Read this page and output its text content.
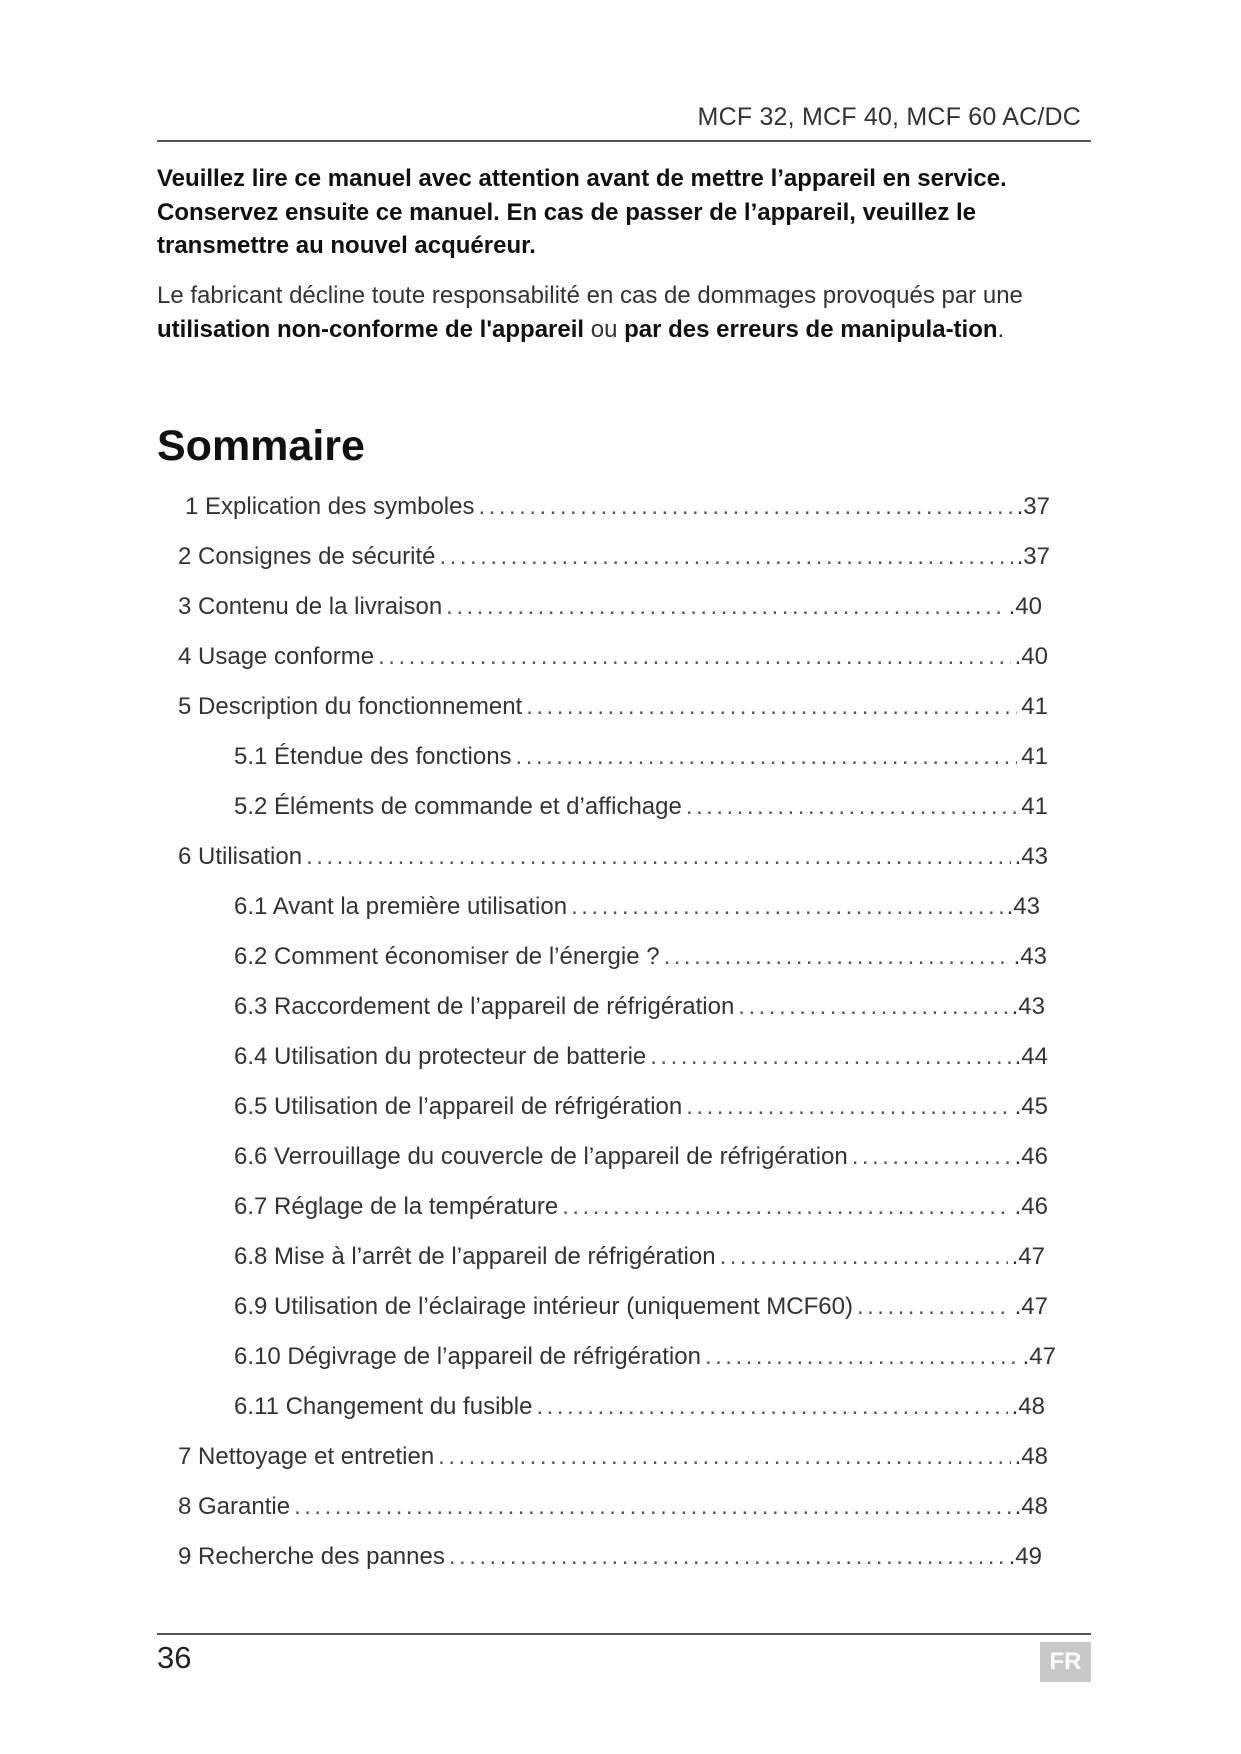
MCF 32, MCF 40, MCF 60 AC/DC
Veuillez lire ce manuel avec attention avant de mettre l’appareil en service. Conservez ensuite ce manuel. En cas de passer de l’appareil, veuillez le transmettre au nouvel acquéreur.
Le fabricant décline toute responsabilité en cas de dommages provoqués par une utilisation non-conforme de l'appareil ou par des erreurs de manipula-tion.
Sommaire
1 Explication des symboles .....	.37
2 Consignes de sécurité .....	.37
3 Contenu de la livraison .....	.40
4 Usage conforme .....	.40
5 Description du fonctionnement .....	41
5.1 Étendue des fonctions .....	41
5.2 Éléments de commande et d’affichage .....	41
6 Utilisation .....	.43
6.1 Avant la première utilisation .....	.43
6.2 Comment économiser de l’énergie ? .....	.43
6.3 Raccordement de l’appareil de réfrigération .....	.43
6.4 Utilisation du protecteur de batterie .....	.44
6.5 Utilisation de l’appareil de réfrigération .....	.45
6.6 Verrouillage du couvercle de l’appareil de réfrigération .....	.46
6.7 Réglage de la température .....	.46
6.8 Mise à l’arrêt de l’appareil de réfrigération .....	.47
6.9 Utilisation de l’éclairage intérieur (uniquement MCF60) .....	.47
6.10 Dégivrage de l’appareil de réfrigération .....	.47
6.11 Changement du fusible .....	.48
7 Nettoyage et entretien .....	.48
8 Garantie .....	.48
9 Recherche des pannes .....	.49
36	FR
